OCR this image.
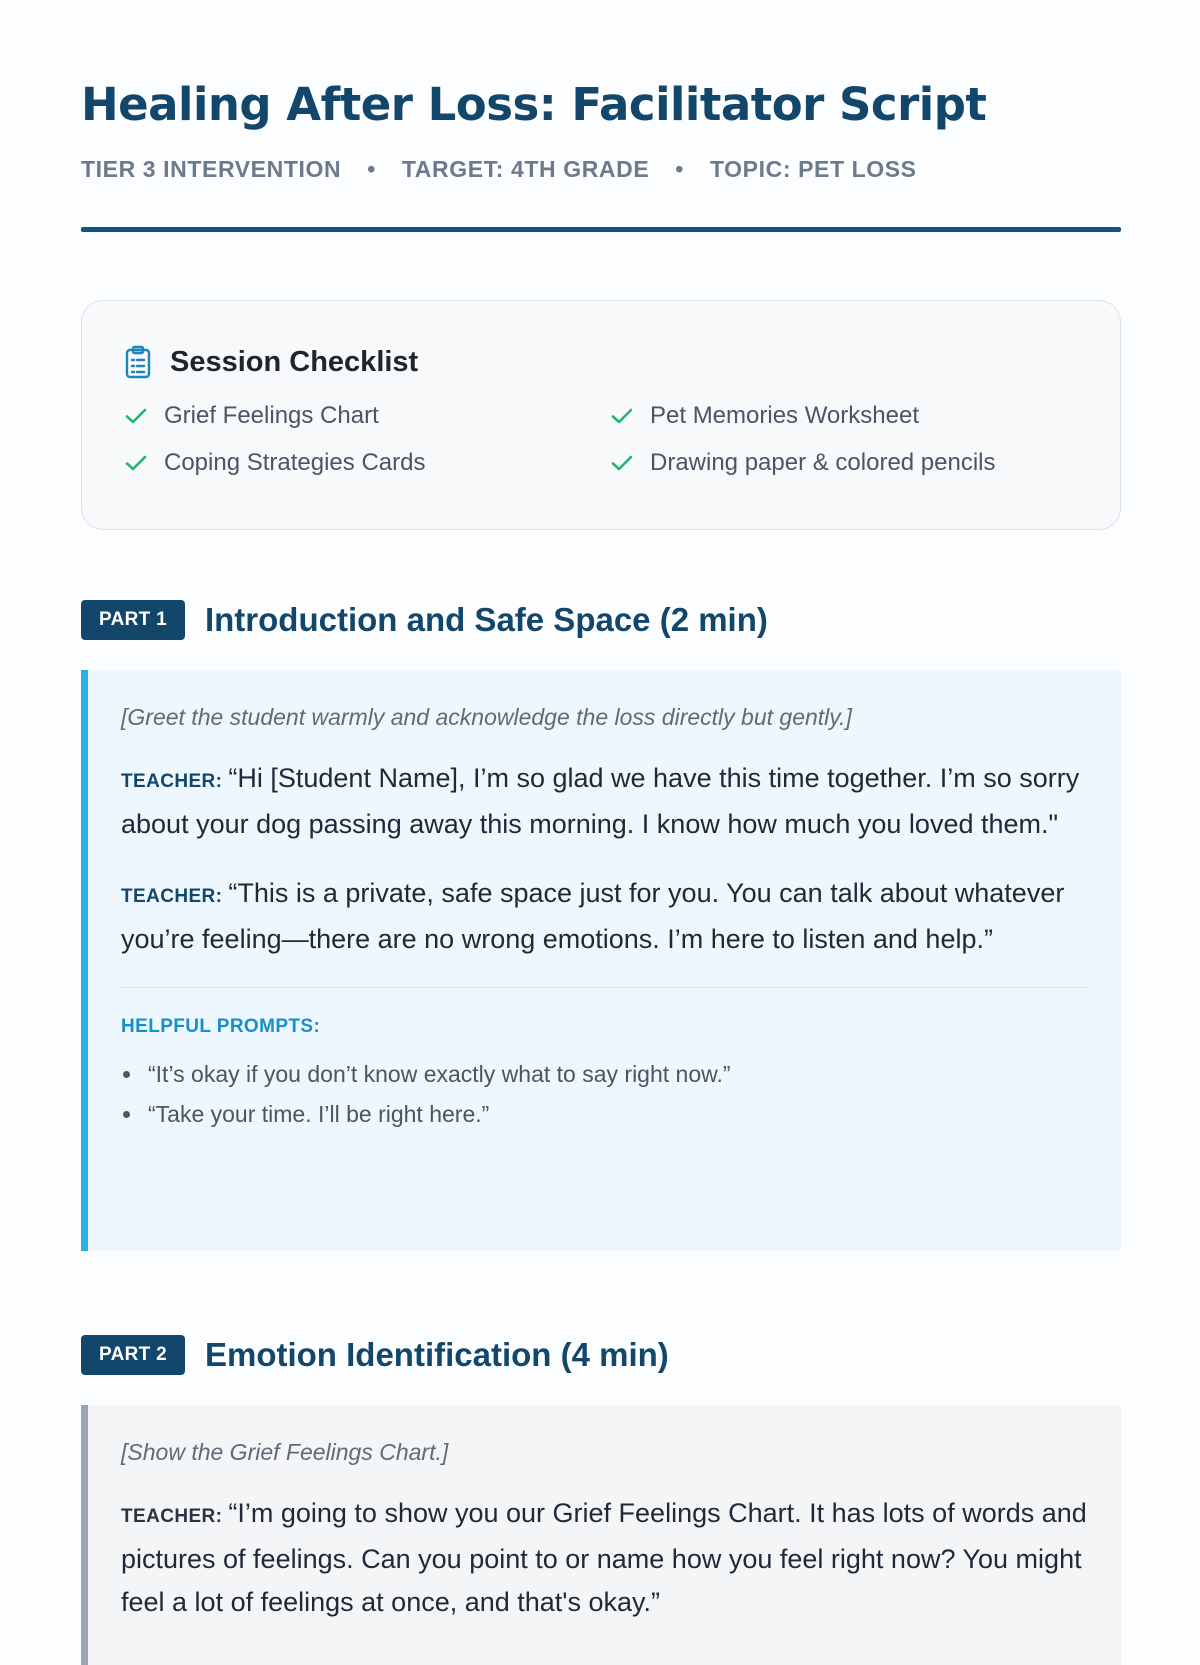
Healing After Loss: Facilitator Script
TIER 3 INTERVENTION • TARGET: 4TH GRADE • TOPIC: PET LOSS
Session Checklist
Grief Feelings Chart	Pet Memories Worksheet
Coping Strategies Cards	Drawing paper & colored pencils
PART 1	Introduction and Safe Space (2 min)

[Greet the student warmly and acknowledge the loss directly but gently.]

TEACHER: “Hi [Student Name], I’m so glad we have this time together. I’m so sorry about your dog passing away this morning. I know how much you loved them."

TEACHER: “This is a private, safe space just for you. You can talk about whatever you’re feeling—there are no wrong emotions. I’m here to listen and help.”

HELPFUL PROMPTS:

“It’s okay if you don’t know exactly what to say right now.”
“Take your time. I’ll be right here.”
PART 2	Emotion Identification (4 min)

[Show the Grief Feelings Chart.]

TEACHER: “I’m going to show you our Grief Feelings Chart. It has lots of words and pictures of feelings. Can you point to or name how you feel right now? You might feel a lot of feelings at once, and that's okay.”
